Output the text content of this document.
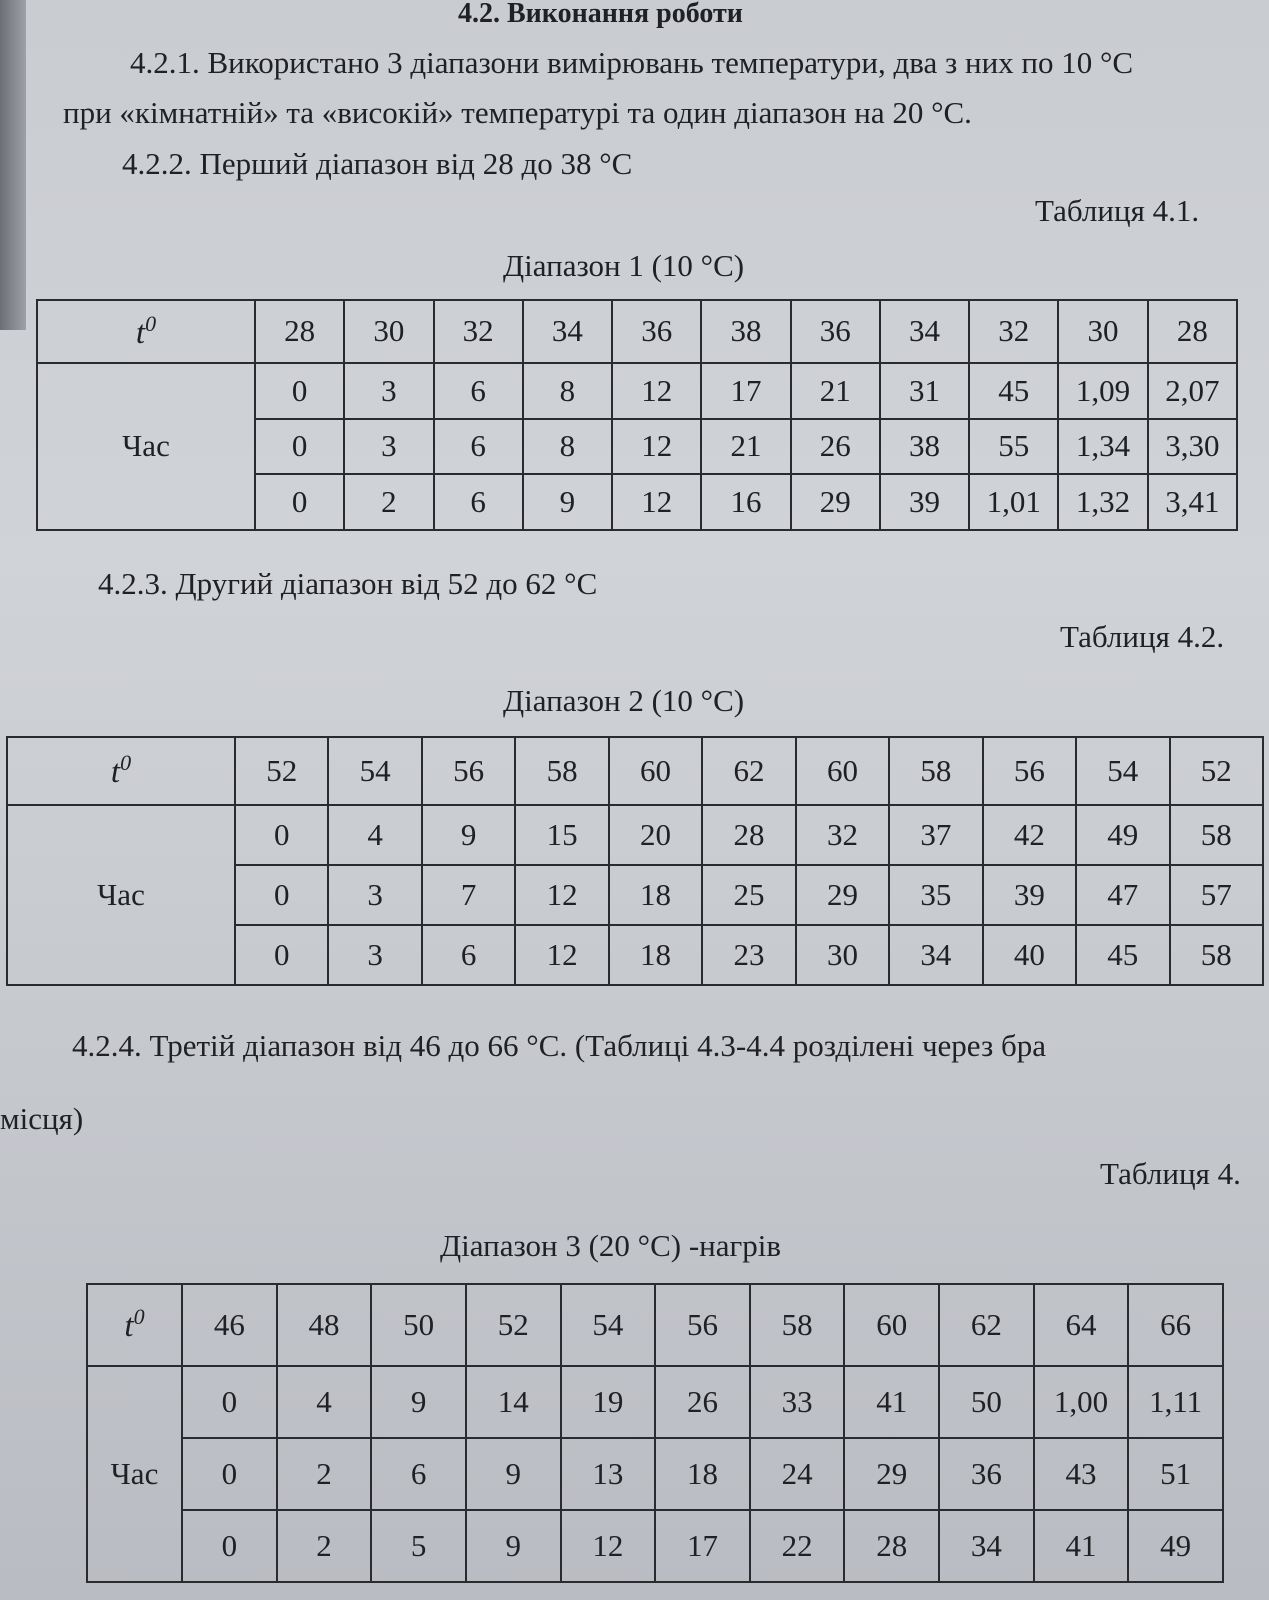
4.2. Виконання роботи
4.2.1. Використано 3 діапазони вимірювань температури, два з них по 10 °С
при «кімнатній» та «високій» температурі та один діапазон на 20 °С.
4.2.2. Перший діапазон від 28 до 38 °С
Таблиця 4.1.
Діапазон 1 (10 °С)
$t^0$	28	30	32	34	36	38	36	34	32	30	28
Час	0	3	6	8	12	17	21	31	45	1,09	2,07
	0	3	6	8	12	21	26	38	55	1,34	3,30
	0	2	6	9	12	16	29	39	1,01	1,32	3,41
4.2.3. Другий діапазон від 52 до 62 °С
Таблиця 4.2.
Діапазон 2 (10 °С)
$t^0$	52	54	56	58	60	62	60	58	56	54	52
Час	0	4	9	15	20	28	32	37	42	49	58
	0	3	7	12	18	25	29	35	39	47	57
	0	3	6	12	18	23	30	34	40	45	58
4.2.4. Третій діапазон від 46 до 66 °С. (Таблиці 4.3-4.4 розділені через бра
місця)
Таблиця 4.
Діапазон 3 (20 °С) -нагрів
$t^0$	46	48	50	52	54	56	58	60	62	64	66
Час	0	4	9	14	19	26	33	41	50	1,00	1,11
	0	2	6	9	13	18	24	29	36	43	51
	0	2	5	9	12	17	22	28	34	41	49
